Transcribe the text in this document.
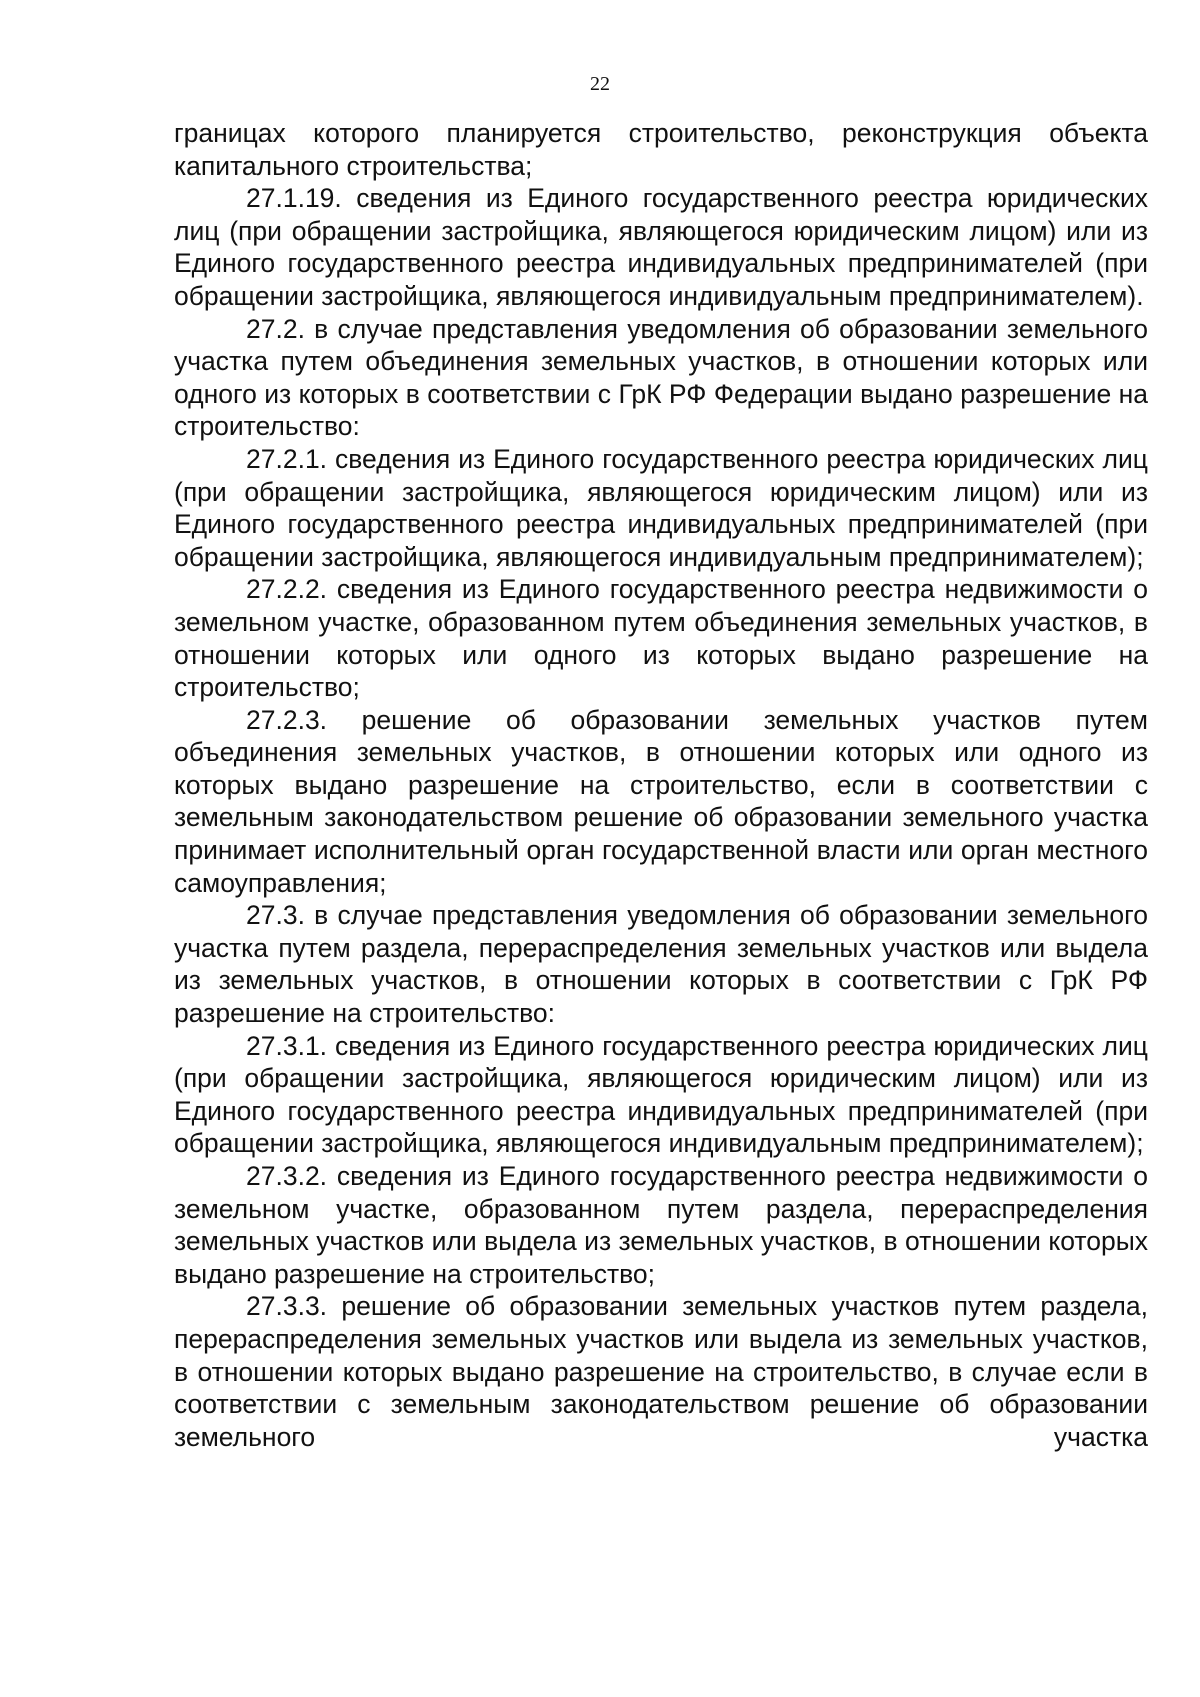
22

границах которого планируется строительство, реконструкция объекта капитального строительства;

27.1.19. сведения из Единого государственного реестра юридических лиц (при обращении застройщика, являющегося юридическим лицом) или из Единого государственного реестра индивидуальных предпринимателей (при обращении застройщика, являющегося индивидуальным предпринимателем).

27.2. в случае представления уведомления об образовании земельного участка путем объединения земельных участков, в отношении которых или одного из которых в соответствии с ГрК РФ Федерации выдано разрешение на строительство:

27.2.1. сведения из Единого государственного реестра юридических лиц (при обращении застройщика, являющегося юридическим лицом) или из Единого государственного реестра индивидуальных предпринимателей (при обращении застройщика, являющегося индивидуальным предпринимателем);

27.2.2. сведения из Единого государственного реестра недвижимости о земельном участке, образованном путем объединения земельных участков, в отношении которых или одного из которых выдано разрешение на строительство;

27.2.3. решение об образовании земельных участков путем объединения земельных участков, в отношении которых или одного из которых выдано разрешение на строительство, если в соответствии с земельным законодательством решение об образовании земельного участка принимает исполнительный орган государственной власти или орган местного самоуправления;

27.3. в случае представления уведомления об образовании земельного участка путем раздела, перераспределения земельных участков или выдела из земельных участков, в отношении которых в соответствии с ГрК РФ разрешение на строительство:

27.3.1. сведения из Единого государственного реестра юридических лиц (при обращении застройщика, являющегося юридическим лицом) или из Единого государственного реестра индивидуальных предпринимателей (при обращении застройщика, являющегося индивидуальным предпринимателем);

27.3.2. сведения из Единого государственного реестра недвижимости о земельном участке, образованном путем раздела, перераспределения земельных участков или выдела из земельных участков, в отношении которых выдано разрешение на строительство;

27.3.3. решение об образовании земельных участков путем раздела, перераспределения земельных участков или выдела из земельных участков, в отношении которых выдано разрешение на строительство, в случае если в соответствии с земельным законодательством решение об образовании земельного участка
